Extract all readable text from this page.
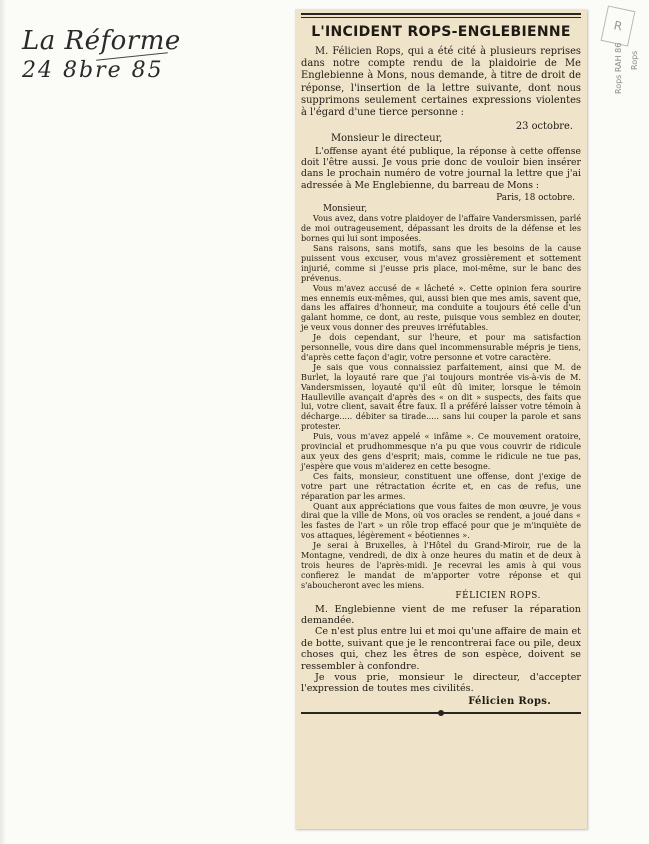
La Réforme
24 8bre 85
R
Rops RAH 86 Rops
L'INCIDENT ROPS-ENGLEBIENNE

M. Félicien Rops, qui a été cité à plusieurs reprises dans notre compte rendu de la plaidoirie de Me Englebienne à Mons, nous demande, à titre de droit de réponse, l'insertion de la lettre suivante, dont nous supprimons seulement certaines expressions violentes à l'égard d'une tierce personne :

23 octobre.
Monsieur le directeur,

L'offense ayant été publique, la réponse à cette offense doit l'être aussi. Je vous prie donc de vouloir bien insérer dans le prochain numéro de votre journal la lettre que j'ai adressée à Me Englebienne, du barreau de Mons :

Paris, 18 octobre.
Monsieur,

Vous avez, dans votre plaidoyer de l'affaire Vandersmissen, parlé de moi outrageusement, dépassant les droits de la défense et les bornes qui lui sont imposées.

Sans raisons, sans motifs, sans que les besoins de la cause puissent vous excuser, vous m'avez grossièrement et sottement injurié, comme si j'eusse pris place, moi-même, sur le banc des prévenus.

Vous m'avez accusé de « lâcheté ». Cette opinion fera sourire mes ennemis eux-mêmes, qui, aussi bien que mes amis, savent que, dans les affaires d'honneur, ma conduite a toujours été celle d'un galant homme, ce dont, au reste, puisque vous semblez en douter, je veux vous donner des preuves irréfutables.

Je dois cependant, sur l'heure, et pour ma satisfaction personnelle, vous dire dans quel incommensurable mépris je tiens, d'après cette façon d'agir, votre personne et votre caractère.

Je sais que vous connaissiez parfaitement, ainsi que M. de Burlet, la loyauté rare que j'ai toujours montrée vis-à-vis de M. Vandersmissen, loyauté qu'il eût dû imiter, lorsque le témoin Haulleville avançait d'après des « on dit » suspects, des faits que lui, votre client, savait être faux. Il a préféré laisser votre témoin à décharge..... débiter sa tirade..... sans lui couper la parole et sans protester.

Puis, vous m'avez appelé « infâme ». Ce mouvement oratoire, provincial et prudhommesque n'a pu que vous couvrir de ridicule aux yeux des gens d'esprit; mais, comme le ridicule ne tue pas, j'espère que vous m'aiderez en cette besogne.

Ces faits, monsieur, constituent une offense, dont j'exige de votre part une rétractation écrite et, en cas de refus, une réparation par les armes.

Quant aux appréciations que vous faites de mon œuvre, je vous dirai que la ville de Mons, où vos oracles se rendent, a joué dans « les fastes de l'art » un rôle trop effacé pour que je m'inquiète de vos attaques, légèrement « béotiennes ».

Je serai à Bruxelles, à l'Hôtel du Grand-Miroir, rue de la Montagne, vendredi, de dix à onze heures du matin et de deux à trois heures de l'après-midi. Je recevrai les amis à qui vous confierez le mandat de m'apporter votre réponse et qui s'aboucheront avec les miens.

FÉLICIEN ROPS.

M. Englebienne vient de me refuser la réparation demandée.

Ce n'est plus entre lui et moi qu'une affaire de main et de botte, suivant que je le rencontrerai face ou pile, deux choses qui, chez les êtres de son espèce, doivent se ressembler à confondre.

Je vous prie, monsieur le directeur, d'accepter l'expression de toutes mes civilités.

Félicien Rops.
